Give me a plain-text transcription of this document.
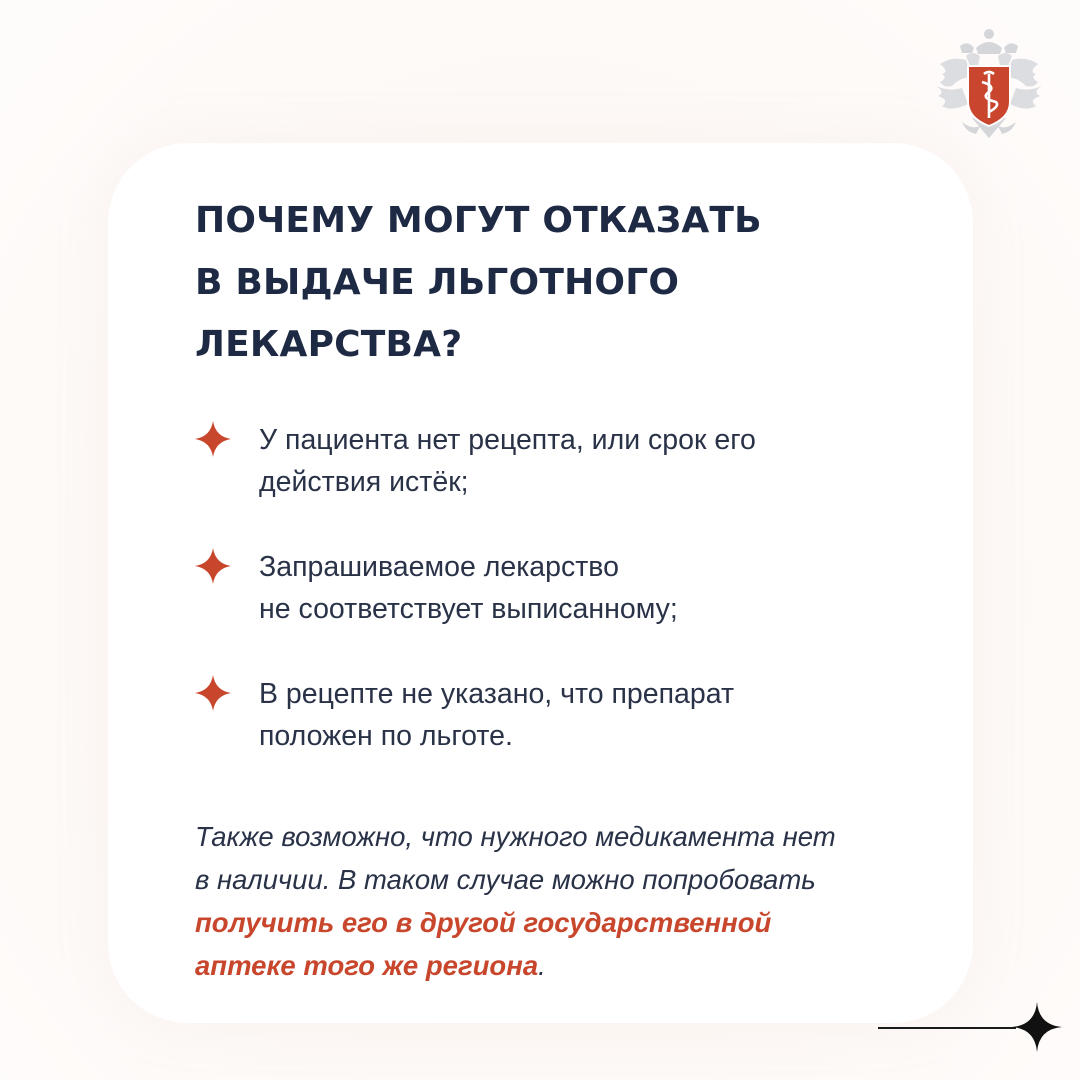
ПОЧЕМУ МОГУТ ОТКАЗАТЬ
В ВЫДАЧЕ ЛЬГОТНОГО
ЛЕКАРСТВА?
У пациента нет рецепта, или срок его
действия истёк;
Запрашиваемое лекарство
не соответствует выписанному;
В рецепте не указано, что препарат
положен по льготе.
Также возможно, что нужного медикамента нет
в наличии. В таком случае можно попробовать
получить его в другой государственной
аптеке того же региона.
